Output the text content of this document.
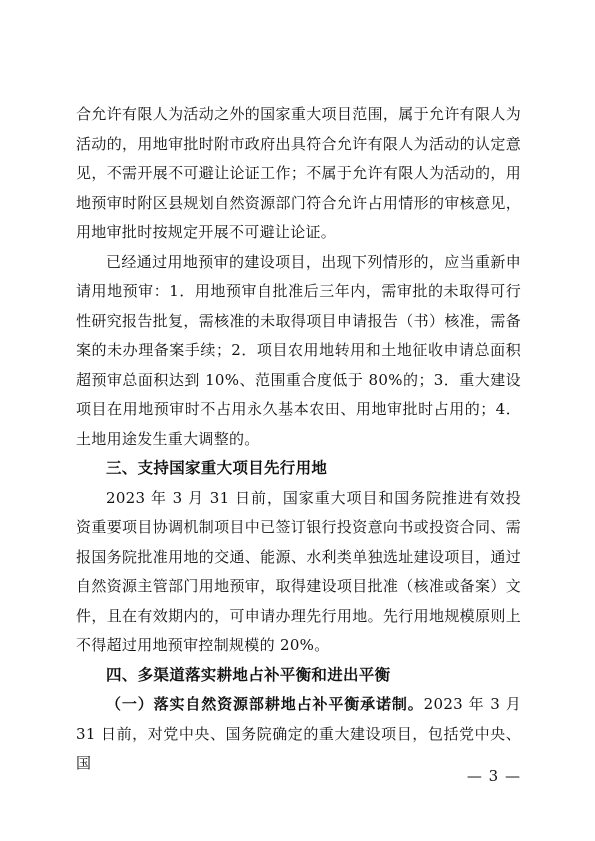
合允许有限人为活动之外的国家重大项目范围，属于允许有限人为活动的，用地审批时附市政府出具符合允许有限人为活动的认定意见，不需开展不可避让论证工作；不属于允许有限人为活动的，用地预审时附区县规划自然资源部门符合允许占用情形的审核意见，用地审批时按规定开展不可避让论证。

已经通过用地预审的建设项目，出现下列情形的，应当重新申请用地预审：1．用地预审自批准后三年内，需审批的未取得可行性研究报告批复，需核准的未取得项目申请报告（书）核准，需备案的未办理备案手续；2．项目农用地转用和土地征收申请总面积超预审总面积达到 10%、范围重合度低于 80%的；3．重大建设项目在用地预审时不占用永久基本农田、用地审批时占用的；4．土地用途发生重大调整的。

三、支持国家重大项目先行用地

2023 年 3 月 31 日前，国家重大项目和国务院推进有效投资重要项目协调机制项目中已签订银行投资意向书或投资合同、需报国务院批准用地的交通、能源、水利类单独选址建设项目，通过自然资源主管部门用地预审，取得建设项目批准（核准或备案）文件，且在有效期内的，可申请办理先行用地。先行用地规模原则上不得超过用地预审控制规模的 20%。

四、多渠道落实耕地占补平衡和进出平衡

（一）落实自然资源部耕地占补平衡承诺制。2023 年 3 月 31 日前，对党中央、国务院确定的重大建设项目，包括党中央、国

— 3 —
